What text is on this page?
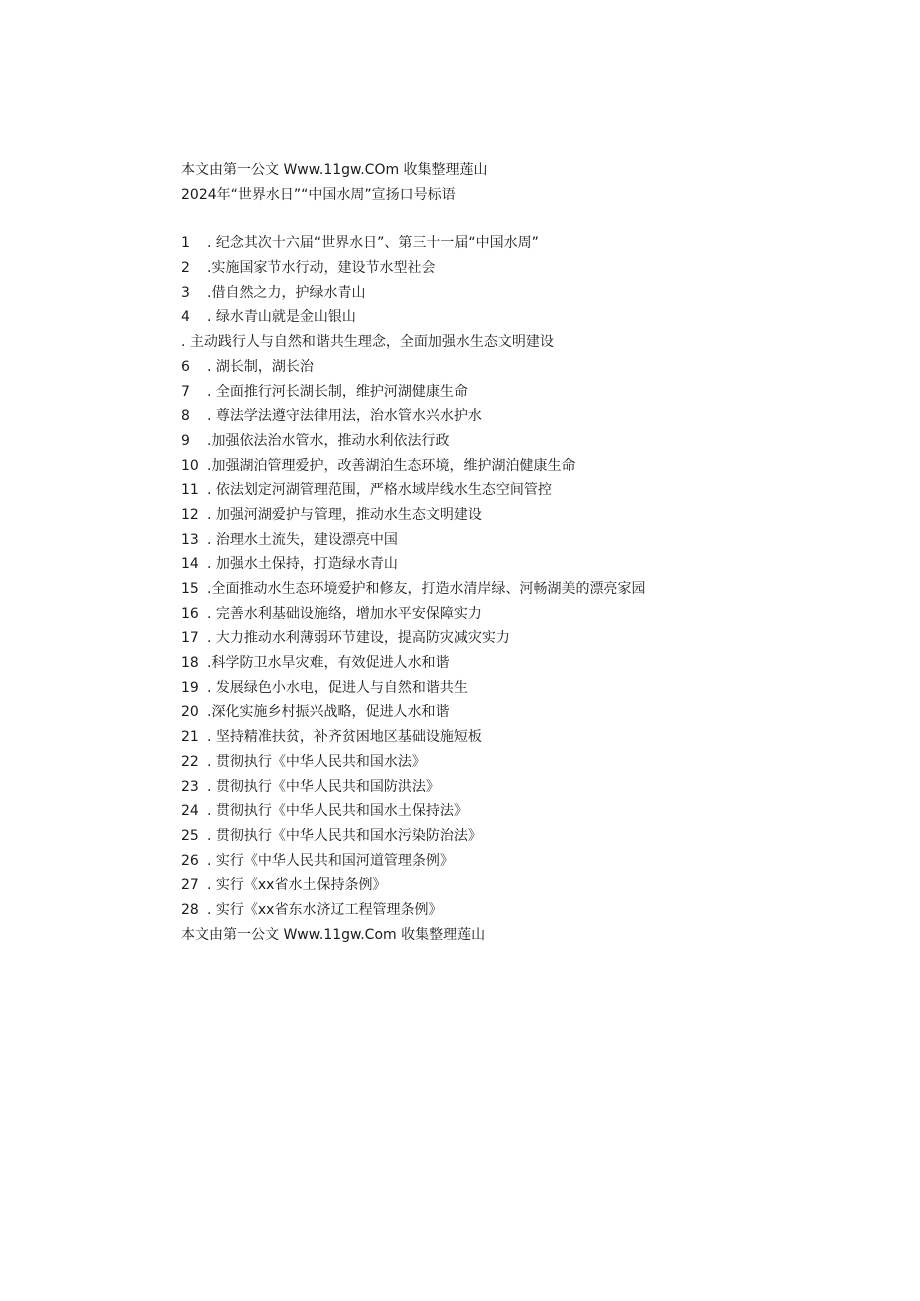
本文由第一公文 Www.11gw.COm 收集整理莲山
2024年“世界水日”“中国水周”宣扬口号标语
1 . 纪念其次十六届“世界水日”、第三十一届“中国水周”
2 .实施国家节水行动，建设节水型社会
3 .借自然之力，护绿水青山
4 . 绿水青山就是金山银山
. 主动践行人与自然和谐共生理念，全面加强水生态文明建设
6 . 湖长制，湖长治
7 . 全面推行河长湖长制，维护河湖健康生命
8 . 尊法学法遵守法律用法，治水管水兴水护水
9 .加强依法治水管水，推动水利依法行政
10 .加强湖泊管理爱护，改善湖泊生态环境，维护湖泊健康生命
11 . 依法划定河湖管理范围，严格水域岸线水生态空间管控
12 . 加强河湖爱护与管理，推动水生态文明建设
13 . 治理水土流失，建设漂亮中国
14 . 加强水土保持，打造绿水青山
15 .全面推动水生态环境爱护和修友，打造水清岸绿、河畅湖美的漂亮家园
16 . 完善水利基础设施络，增加水平安保障实力
17 . 大力推动水利薄弱环节建设，提高防灾减灾实力
18 .科学防卫水旱灾难，有效促进人水和谐
19 . 发展绿色小水电，促进人与自然和谐共生
20 .深化实施乡村振兴战略，促进人水和谐
21 . 坚持精准扶贫，补齐贫困地区基础设施短板
22 . 贯彻执行《中华人民共和国水法》
23 . 贯彻执行《中华人民共和国防洪法》
24 . 贯彻执行《中华人民共和国水土保持法》
25 . 贯彻执行《中华人民共和国水污染防治法》
26 . 实行《中华人民共和国河道管理条例》
27 . 实行《xx省水土保持条例》
28 . 实行《xx省东水济辽工程管理条例》
本文由第一公文 Www.11gw.Com 收集整理莲山
